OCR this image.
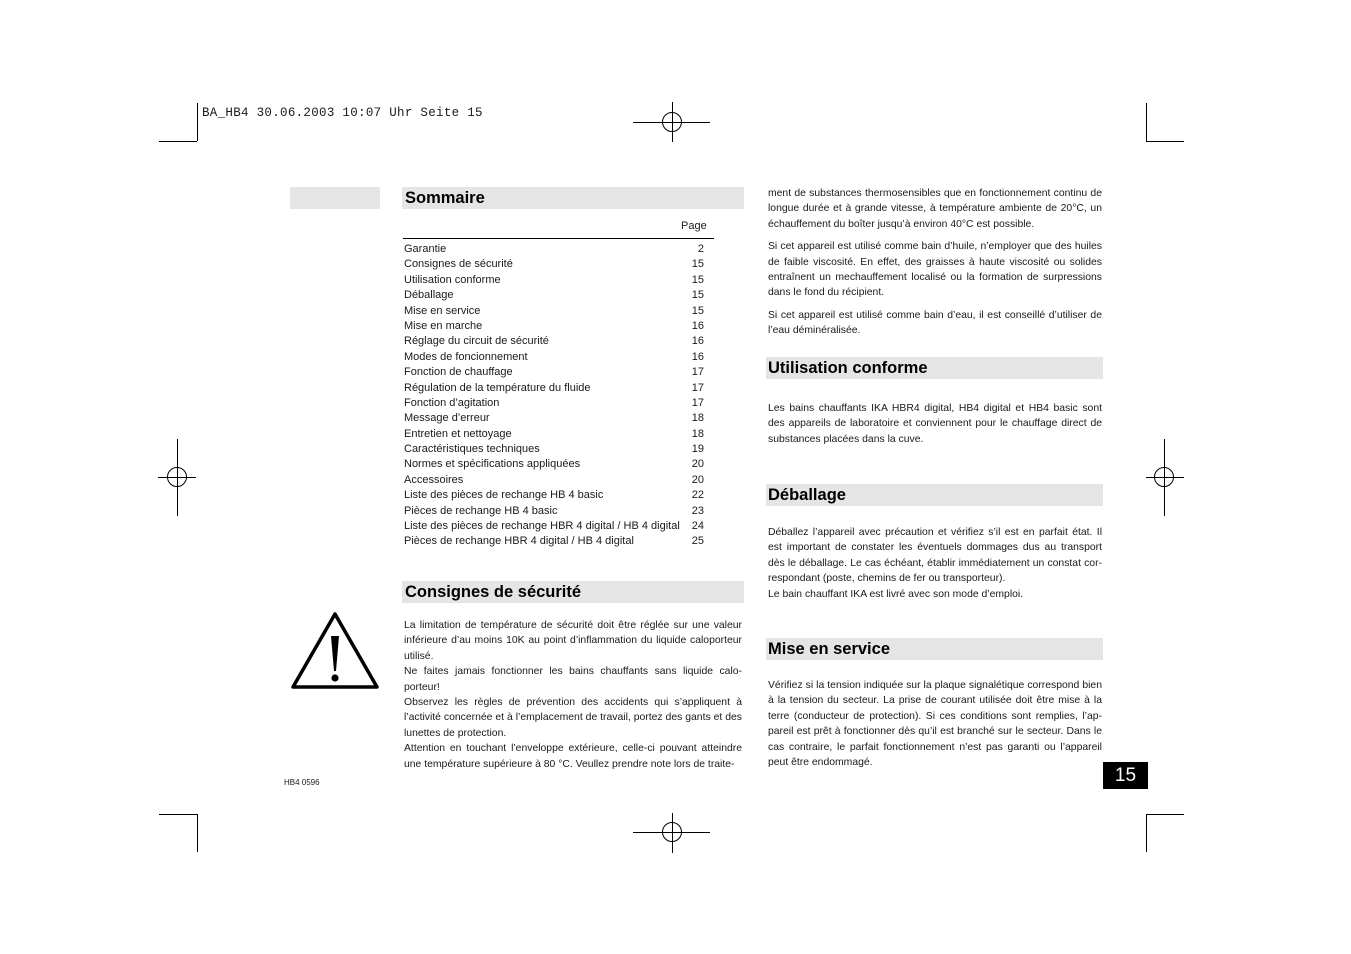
BA_HB4 30.06.2003 10:07 Uhr Seite 15
Sommaire
Page
Garantie	2
Consignes de sécurité	15
Utilisation conforme	15
Déballage	15
Mise en service	15
Mise en marche	16
Réglage du circuit de sécurité	16
Modes de foncionnement	16
Fonction de chauffage	17
Régulation de la température du fluide	17
Fonction d’agitation	17
Message d’erreur	18
Entretien et nettoyage	18
Caractéristiques techniques	19
Normes et spécifications appliquées	20
Accessoires	20
Liste des pièces de rechange HB 4 basic	22
Pièces de rechange HB 4 basic	23
Liste des pièces de rechange HBR 4 digital / HB 4 digital 24
Pièces de rechange HBR 4 digital / HB 4 digital	25
Consignes de sécurité

La limitation de température de sécurité doit être réglée sur une valeur inférieure d’au moins 10K au point d’inflammation du liquide caloporteur utilisé.

Ne faites jamais fonctionner les bains chauffants sans liquide caloporteur!

Observez les règles de prévention des accidents qui s’appliquent à l’activité concernée et à l’emplacement de travail, portez des gants et des lunettes de protection.

Attention en touchant l’enveloppe extérieure, celle-ci pouvant atteindre une température supérieure à 80 °C. Veullez prendre note lors de traite-

HB4 0596

ment de substances thermosensibles que en fonctionnement continu de longue durée et à grande vitesse, à température ambiente de 20°C, un échauffement du boîter jusqu’à environ 40°C est possible.

Si cet appareil est utilisé comme bain d’huile, n’employer que des huiles de faible viscosité. En effet, des graisses à haute viscosité ou solides entraînent un mechauffement localisé ou la formation de surpressions dans le fond du récipient.

Si cet appareil est utilisé comme bain d’eau, il est conseillé d’utiliser de l’eau déminéralisée.

Utilisation conforme
Les bains chauffants IKA HBR4 digital, HB4 digital et HB4 basic sont des appareils de laboratoire et conviennent pour le chauffage direct de substances placées dans la cuve.
Déballage

Déballez l’appareil avec précaution et vérifiez s’il est en parfait état. Il est important de constater les éventuels dommages dus au transport dès le déballage. Le cas échéant, établir immédiatement un constat correspondant (poste, chemins de fer ou transporteur).

Le bain chauffant IKA est livré avec son mode d’emploi.

Mise en service
Vérifiez si la tension indiquée sur la plaque signalétique correspond bien à la tension du secteur. La prise de courant utilisée doit être mise à la terre (conducteur de protection). Si ces conditions sont remplies, l’appareil est prêt à fonctionner dès qu’il est branché sur le secteur. Dans le cas contraire, le parfait fonctionnement n’est pas garanti ou l’appareil peut être endommagé.
15
